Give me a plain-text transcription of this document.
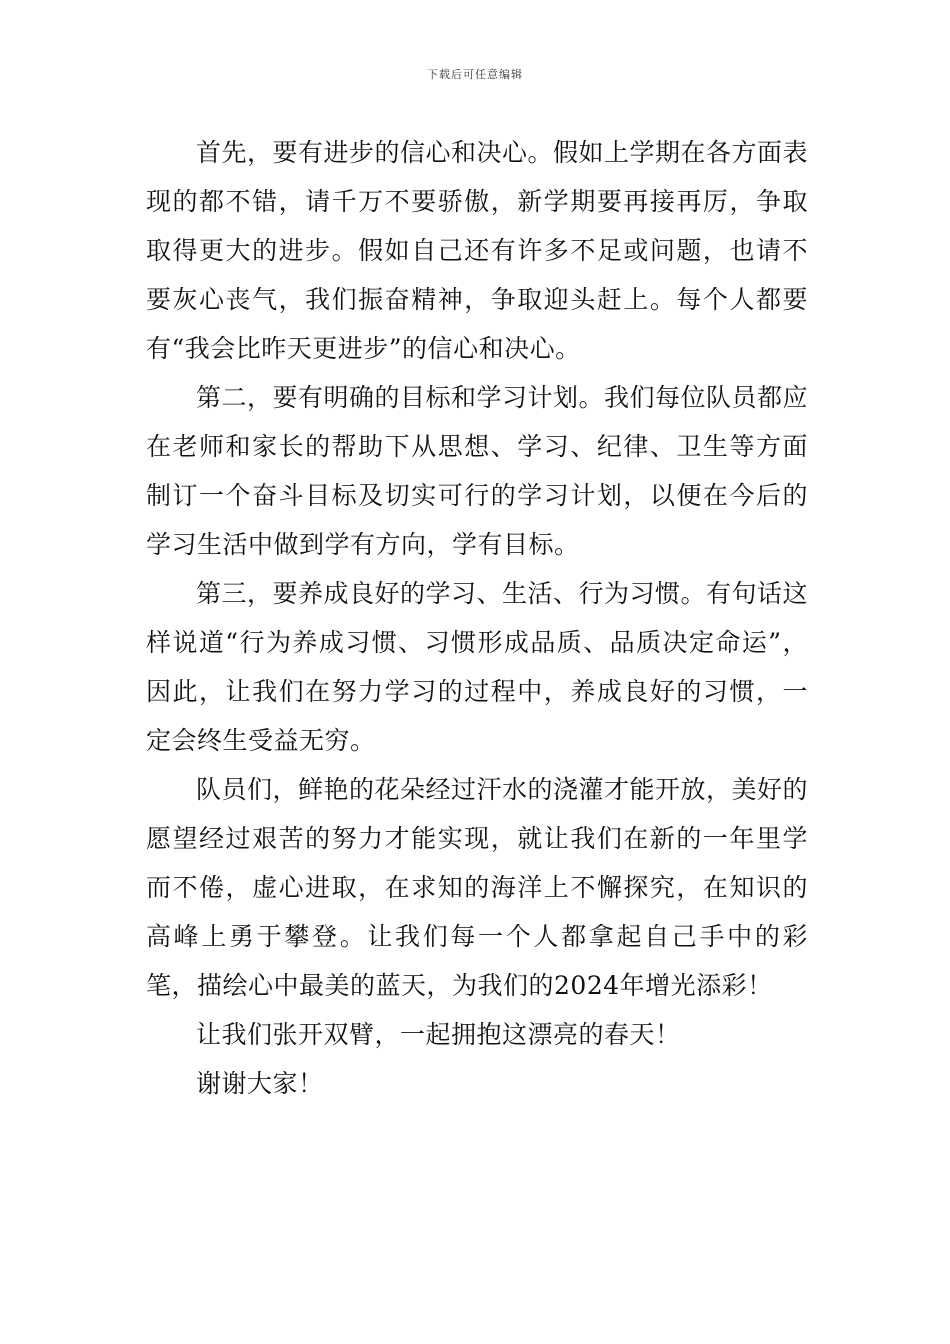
下载后可任意编辑

首先，要有进步的信心和决心。假如上学期在各方面表现的都不错，请千万不要骄傲，新学期要再接再厉，争取取得更大的进步。假如自己还有许多不足或问题，也请不要灰心丧气，我们振奋精神，争取迎头赶上。每个人都要有“我会比昨天更进步”的信心和决心。

第二，要有明确的目标和学习计划。我们每位队员都应在老师和家长的帮助下从思想、学习、纪律、卫生等方面制订一个奋斗目标及切实可行的学习计划，以便在今后的学习生活中做到学有方向，学有目标。

第三，要养成良好的学习、生活、行为习惯。有句话这样说道“行为养成习惯、习惯形成品质、品质决定命运”，因此，让我们在努力学习的过程中，养成良好的习惯，一定会终生受益无穷。

队员们，鲜艳的花朵经过汗水的浇灌才能开放，美好的愿望经过艰苦的努力才能实现，就让我们在新的一年里学而不倦，虚心进取，在求知的海洋上不懈探究，在知识的高峰上勇于攀登。让我们每一个人都拿起自己手中的彩笔，描绘心中最美的蓝天，为我们的2024年增光添彩！

让我们张开双臂，一起拥抱这漂亮的春天！

谢谢大家！
